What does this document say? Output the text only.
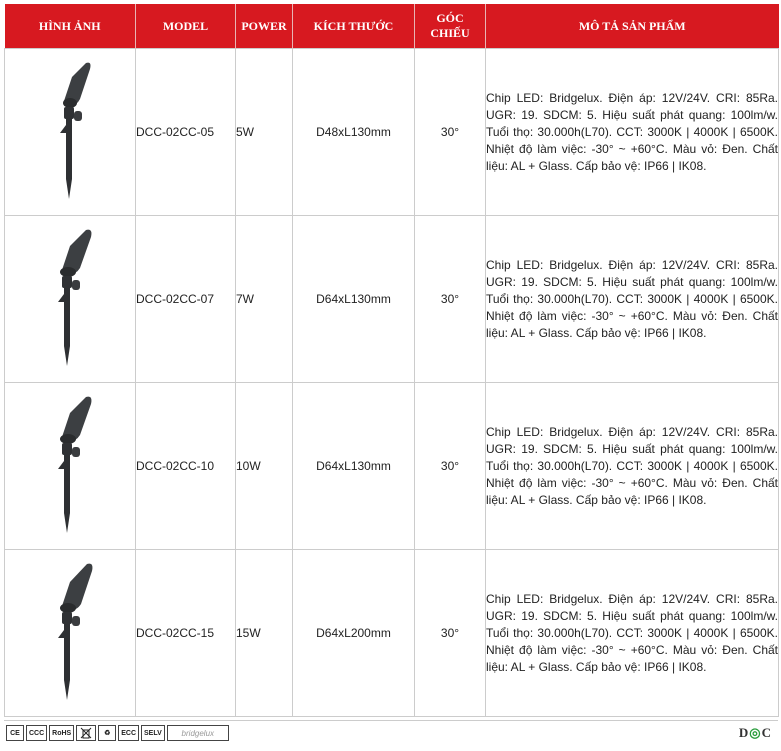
HÌNH ẢNH	MODEL	POWER	KÍCH THƯỚC	GÓC CHIẾU	MÔ TẢ SẢN PHẨM

	DCC-02CC-05	5W	D48xL130mm	30°	Chip LED: Bridgelux. Điện áp: 12V/24V. CRI: 85Ra. UGR: 19. SDCM: 5. Hiệu suất phát quang: 100lm/w. Tuổi thọ: 30.000h(L70). CCT: 3000K | 4000K | 6500K. Nhiệt độ làm việc: -30° ~ +60°C. Màu vỏ: Đen. Chất liệu: AL + Glass. Cấp bảo vệ: IP66 | IK08.

	DCC-02CC-07	7W	D64xL130mm	30°	Chip LED: Bridgelux. Điện áp: 12V/24V. CRI: 85Ra. UGR: 19. SDCM: 5. Hiệu suất phát quang: 100lm/w. Tuổi thọ: 30.000h(L70). CCT: 3000K | 4000K | 6500K. Nhiệt độ làm việc: -30° ~ +60°C. Màu vỏ: Đen. Chất liệu: AL + Glass. Cấp bảo vệ: IP66 | IK08.

	DCC-02CC-10	10W	D64xL130mm	30°	Chip LED: Bridgelux. Điện áp: 12V/24V. CRI: 85Ra. UGR: 19. SDCM: 5. Hiệu suất phát quang: 100lm/w. Tuổi thọ: 30.000h(L70). CCT: 3000K | 4000K | 6500K. Nhiệt độ làm việc: -30° ~ +60°C. Màu vỏ: Đen. Chất liệu: AL + Glass. Cấp bảo vệ: IP66 | IK08.

	DCC-02CC-15	15W	D64xL200mm	30°	Chip LED: Bridgelux. Điện áp: 12V/24V. CRI: 85Ra. UGR: 19. SDCM: 5. Hiệu suất phát quang: 100lm/w. Tuổi thọ: 30.000h(L70). CCT: 3000K | 4000K | 6500K. Nhiệt độ làm việc: -30° ~ +60°C. Màu vỏ: Đen. Chất liệu: AL + Glass. Cấp bảo vệ: IP66 | IK08.
CE	CCC	RoHS	♻	ECC	SELV	bridgelux	D◎C
